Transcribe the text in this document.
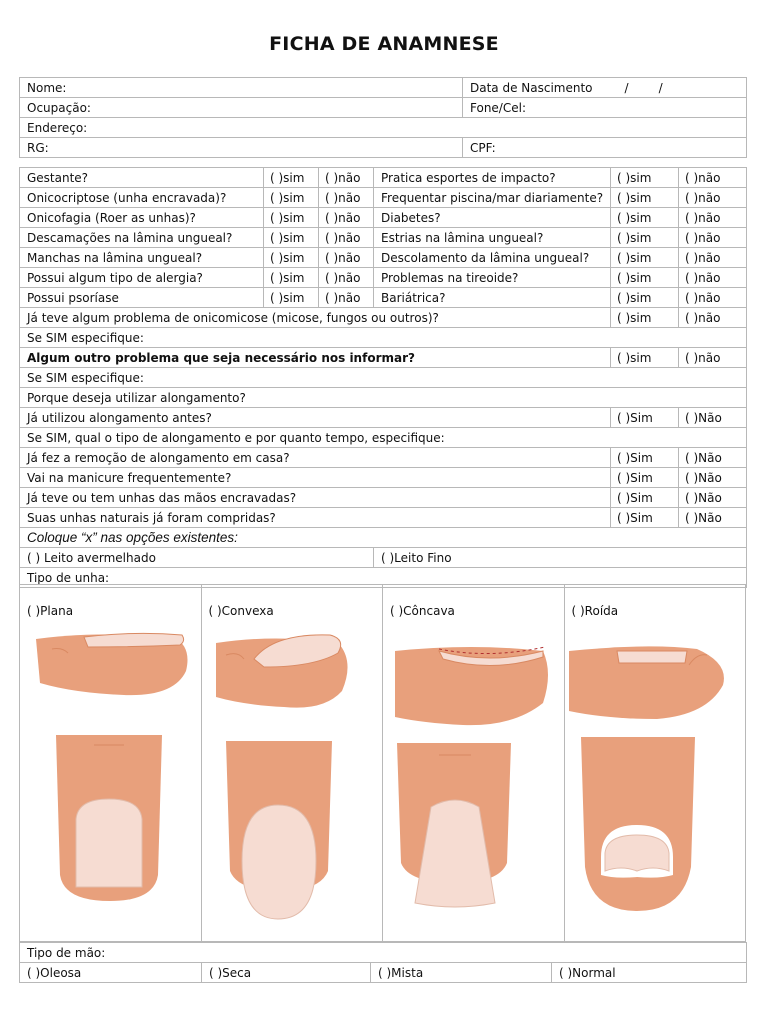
FICHA DE ANAMNESE
Nome:	Data de Nascimento / /
Ocupação:	Fone/Cel:
Endereço:	
RG:	CPF:
Gestante?	( )sim	( )não	Pratica esportes de impacto?	( )sim	( )não
Onicocriptose (unha encravada)?	( )sim	( )não	Frequentar piscina/mar diariamente?	( )sim	( )não
Onicofagia (Roer as unhas)?	( )sim	( )não	Diabetes?	( )sim	( )não
Descamações na lâmina ungueal?	( )sim	( )não	Estrias na lâmina ungueal?	( )sim	( )não
Manchas na lâmina ungueal?	( )sim	( )não	Descolamento da lâmina ungueal?	( )sim	( )não
Possui algum tipo de alergia?	( )sim	( )não	Problemas na tireoide?	( )sim	( )não
Possui psoríase	( )sim	( )não	Bariátrica?	( )sim	( )não
Já teve algum problema de onicomicose (micose, fungos ou outros)?				( )sim	( )não
Se SIM especifique:					
Algum outro problema que seja necessário nos informar?				( )sim	( )não
Se SIM especifique:					
Porque deseja utilizar alongamento?					
Já utilizou alongamento antes?				( )Sim	( )Não
Se SIM, qual o tipo de alongamento e por quanto tempo, especifique:					
Já fez a remoção de alongamento em casa?				( )Sim	( )Não
Vai na manicure frequentemente?				( )Sim	( )Não
Já teve ou tem unhas das mãos encravadas?				( )Sim	( )Não
Suas unhas naturais já foram compridas?				( )Sim	( )Não
Coloque “x” nas opções existentes:					
( ) Leito avermelhado			( )Leito Fino		
Tipo de unha:					
( )Plana	( )Convexa	( )Côncava	( )Roída
Tipo de mão:
( )Oleosa	( )Seca	( )Mista	( )Normal
